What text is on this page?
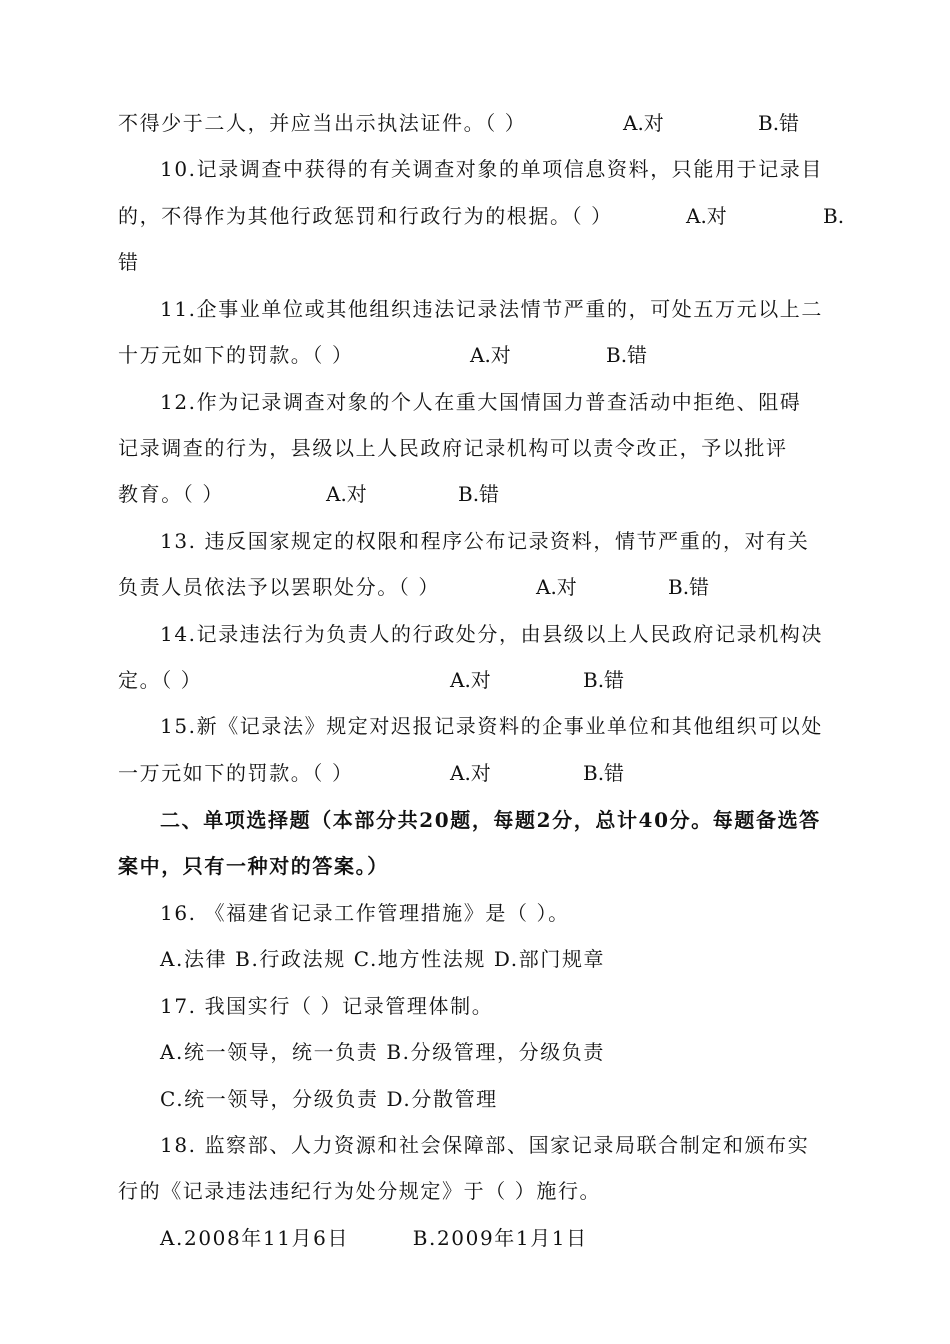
不得少于二人，并应当出示执法证件。（ ）	A.对	B.错
10.记录调查中获得的有关调查对象的单项信息资料，只能用于记录目
的，不得作为其他行政惩罚和行政行为的根据。（ ）	A.对	B.
错
11.企事业单位或其他组织违法记录法情节严重的，可处五万元以上二
十万元如下的罚款。（ ）	A.对	B.错
12.作为记录调查对象的个人在重大国情国力普查活动中拒绝、阻碍
记录调查的行为，县级以上人民政府记录机构可以责令改正，予以批评
教育。（ ）	A.对	B.错
13. 违反国家规定的权限和程序公布记录资料，情节严重的，对有关
负责人员依法予以罢职处分。（ ）	A.对	B.错
14.记录违法行为负责人的行政处分，由县级以上人民政府记录机构决
定。（ ）	A.对	B.错
15.新《记录法》规定对迟报记录资料的企事业单位和其他组织可以处
一万元如下的罚款。（ ）	A.对	B.错
二、单项选择题（本部分共20题，每题2分，总计40分。每题备选答
案中，只有一种对的答案。）
16. 《福建省记录工作管理措施》是（ ）。
A.法律 B.行政法规 C.地方性法规 D.部门规章
17. 我国实行（ ）记录管理体制。
A.统一领导，统一负责 B.分级管理，分级负责
C.统一领导，分级负责 D.分散管理
18. 监察部、人力资源和社会保障部、国家记录局联合制定和颁布实
行的《记录违法违纪行为处分规定》于（ ）施行。
A.2008年11月6日        B.2009年1月1日
